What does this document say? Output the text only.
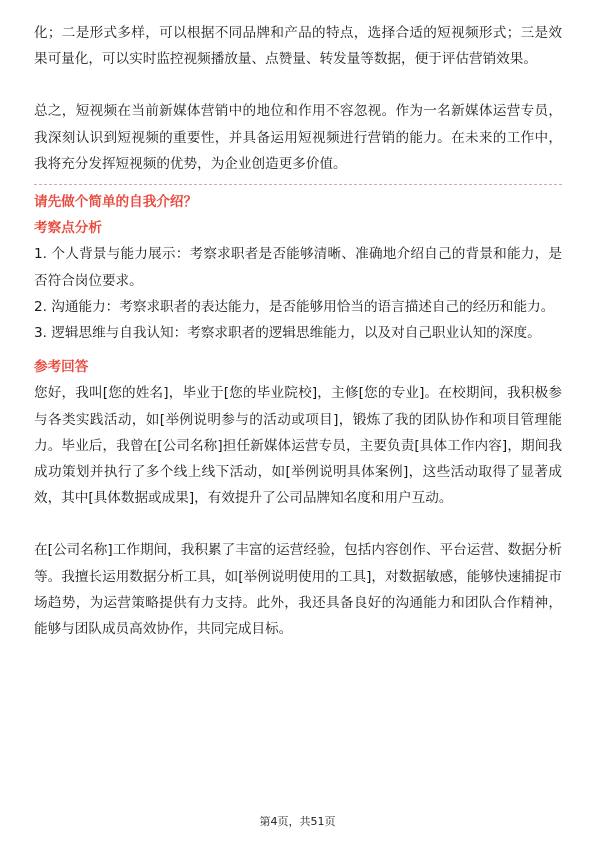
化；二是形式多样，可以根据不同品牌和产品的特点，选择合适的短视频形式；三是效果可量化，可以实时监控视频播放量、点赞量、转发量等数据，便于评估营销效果。

总之，短视频在当前新媒体营销中的地位和作用不容忽视。作为一名新媒体运营专员，我深刻认识到短视频的重要性，并具备运用短视频进行营销的能力。在未来的工作中，我将充分发挥短视频的优势，为企业创造更多价值。

请先做个简单的自我介绍？
考察点分析

1. 个人背景与能力展示：考察求职者是否能够清晰、准确地介绍自己的背景和能力，是否符合岗位要求。

2. 沟通能力：考察求职者的表达能力，是否能够用恰当的语言描述自己的经历和能力。

3. 逻辑思维与自我认知：考察求职者的逻辑思维能力，以及对自己职业认知的深度。

参考回答

您好，我叫[您的姓名]，毕业于[您的毕业院校]，主修[您的专业]。在校期间，我积极参与各类实践活动，如[举例说明参与的活动或项目]，锻炼了我的团队协作和项目管理能力。毕业后，我曾在[公司名称]担任新媒体运营专员，主要负责[具体工作内容]，期间我成功策划并执行了多个线上线下活动，如[举例说明具体案例]，这些活动取得了显著成效，其中[具体数据或成果]，有效提升了公司品牌知名度和用户互动。

在[公司名称]工作期间，我积累了丰富的运营经验，包括内容创作、平台运营、数据分析等。我擅长运用数据分析工具，如[举例说明使用的工具]，对数据敏感，能够快速捕捉市场趋势，为运营策略提供有力支持。此外，我还具备良好的沟通能力和团队合作精神，能够与团队成员高效协作，共同完成目标。

第4页，共51页
